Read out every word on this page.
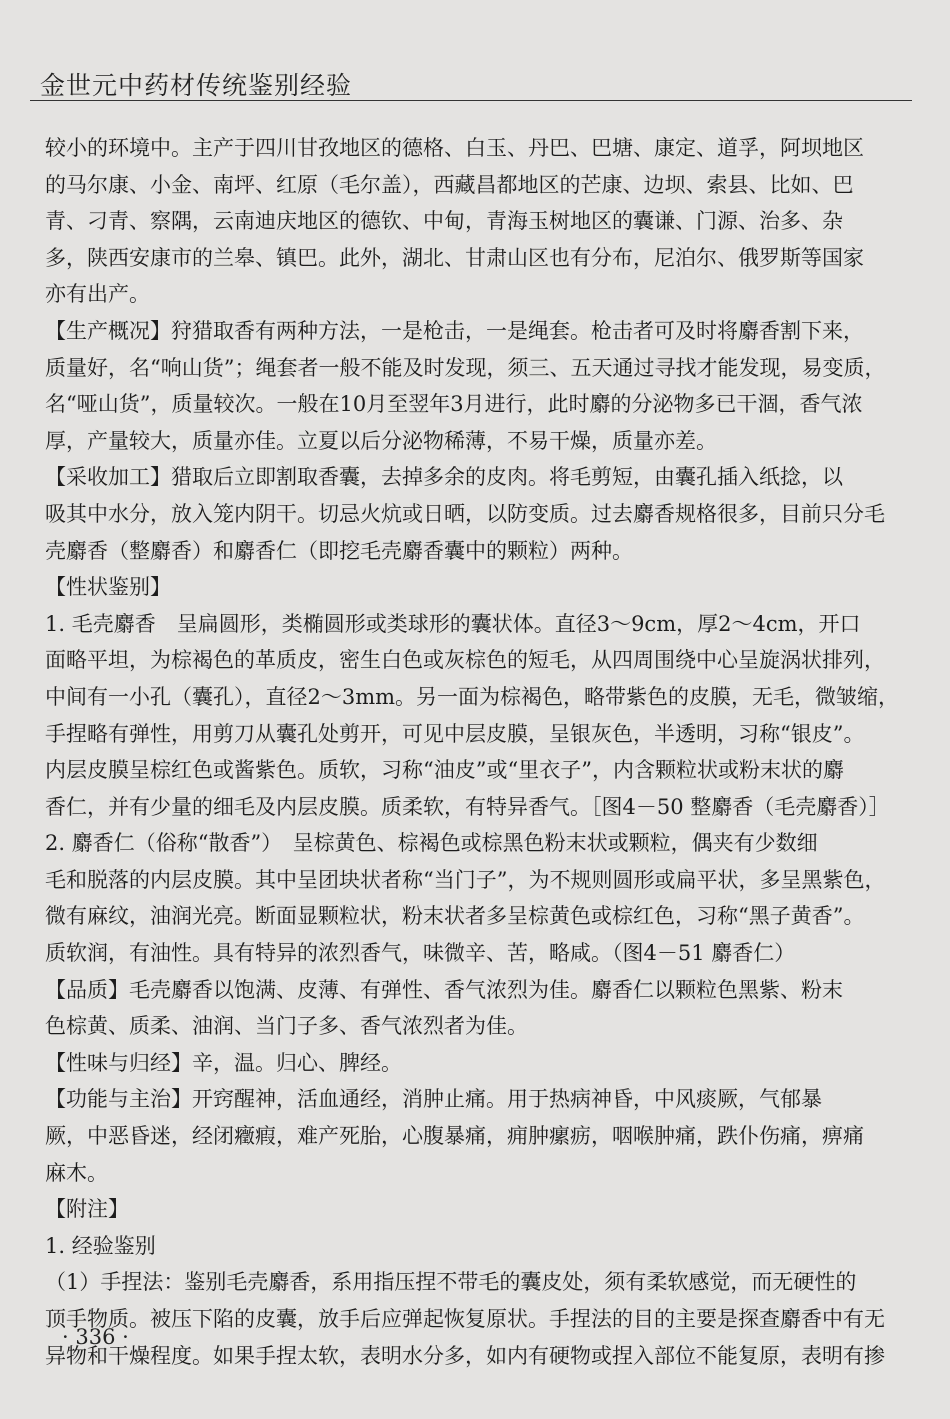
金世元中药材传统鉴别经验
较小的环境中。主产于四川甘孜地区的德格、白玉、丹巴、巴塘、康定、道孚，阿坝地区
的马尔康、小金、南坪、红原（毛尔盖），西藏昌都地区的芒康、边坝、索县、比如、巴
青、刁青、察隅，云南迪庆地区的德钦、中甸，青海玉树地区的囊谦、门源、治多、杂
多，陕西安康市的兰皋、镇巴。此外，湖北、甘肃山区也有分布，尼泊尔、俄罗斯等国家
亦有出产。
【生产概况】狩猎取香有两种方法，一是枪击，一是绳套。枪击者可及时将麝香割下来，
质量好，名“响山货”；绳套者一般不能及时发现，须三、五天通过寻找才能发现，易变质，
名“哑山货”，质量较次。一般在10月至翌年3月进行，此时麝的分泌物多已干涸，香气浓
厚，产量较大，质量亦佳。立夏以后分泌物稀薄，不易干燥，质量亦差。
【采收加工】猎取后立即割取香囊，去掉多余的皮肉。将毛剪短，由囊孔插入纸捻，以
吸其中水分，放入笼内阴干。切忌火炕或日晒，以防变质。过去麝香规格很多，目前只分毛
壳麝香（整麝香）和麝香仁（即挖毛壳麝香囊中的颗粒）两种。
【性状鉴别】
1. 毛壳麝香　呈扁圆形，类椭圆形或类球形的囊状体。直径3～9cm，厚2～4cm，开口
面略平坦，为棕褐色的革质皮，密生白色或灰棕色的短毛，从四周围绕中心呈旋涡状排列，
中间有一小孔（囊孔），直径2～3mm。另一面为棕褐色，略带紫色的皮膜，无毛，微皱缩，
手捏略有弹性，用剪刀从囊孔处剪开，可见中层皮膜，呈银灰色，半透明，习称“银皮”。
内层皮膜呈棕红色或酱紫色。质软，习称“油皮”或“里衣子”，内含颗粒状或粉末状的麝
香仁，并有少量的细毛及内层皮膜。质柔软，有特异香气。［图4－50 整麝香（毛壳麝香）］
2. 麝香仁（俗称“散香”）　呈棕黄色、棕褐色或棕黑色粉末状或颗粒，偶夹有少数细
毛和脱落的内层皮膜。其中呈团块状者称“当门子”，为不规则圆形或扁平状，多呈黑紫色，
微有麻纹，油润光亮。断面显颗粒状，粉末状者多呈棕黄色或棕红色，习称“黑子黄香”。
质软润，有油性。具有特异的浓烈香气，味微辛、苦，略咸。（图4－51 麝香仁）
【品质】毛壳麝香以饱满、皮薄、有弹性、香气浓烈为佳。麝香仁以颗粒色黑紫、粉末
色棕黄、质柔、油润、当门子多、香气浓烈者为佳。
【性味与归经】辛，温。归心、脾经。
【功能与主治】开窍醒神，活血通经，消肿止痛。用于热病神昏，中风痰厥，气郁暴
厥，中恶昏迷，经闭癥瘕，难产死胎，心腹暴痛，痈肿瘰疬，咽喉肿痛，跌仆伤痛，痹痛
麻木。
【附注】
1. 经验鉴别
（1）手捏法：鉴别毛壳麝香，系用指压捏不带毛的囊皮处，须有柔软感觉，而无硬性的
顶手物质。被压下陷的皮囊，放手后应弹起恢复原状。手捏法的目的主要是探查麝香中有无
异物和干燥程度。如果手捏太软，表明水分多，如内有硬物或捏入部位不能复原，表明有掺
· 336 ·
